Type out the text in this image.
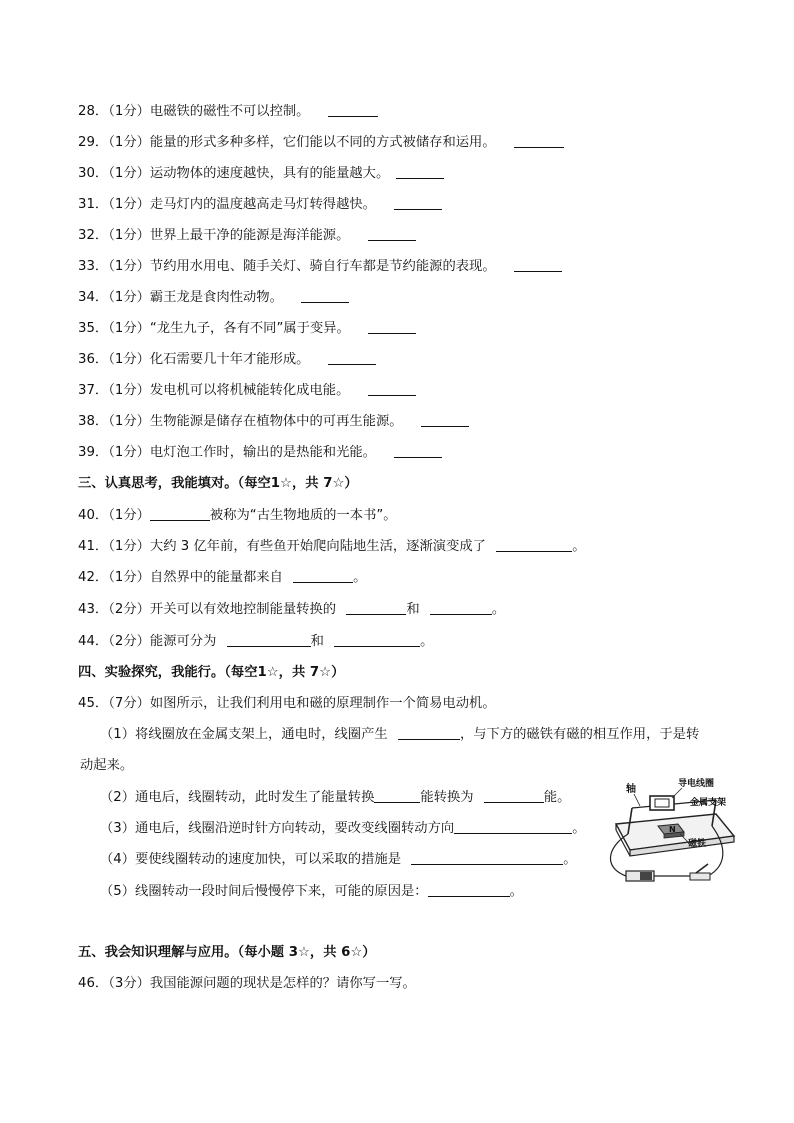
28．（1分）电磁铁的磁性不可以控制。
29．（1分）能量的形式多种多样，它们能以不同的方式被储存和运用。
30．（1分）运动物体的速度越快，具有的能量越大。
31．（1分）走马灯内的温度越高走马灯转得越快。
32．（1分）世界上最干净的能源是海洋能源。
33．（1分）节约用水用电、随手关灯、骑自行车都是节约能源的表现。
34．（1分）霸王龙是食肉性动物。
35．（1分）“龙生九子，各有不同”属于变异。
36．（1分）化石需要几十年才能形成。
37．（1分）发电机可以将机械能转化成电能。
38．（1分）生物能源是储存在植物体中的可再生能源。
39．（1分）电灯泡工作时，输出的是热能和光能。
三、认真思考，我能填对。（每空1☆，共 7☆）
40．（1分）	被称为“古生物地质的一本书”。
41．（1分）大约 3 亿年前，有些鱼开始爬向陆地生活，逐渐演变成了	。
42．（1分）自然界中的能量都来自	。
43．（2分）开关可以有效地控制能量转换的	和	。
44．（2分）能源可分为	和	。
四、实验探究，我能行。（每空1☆，共 7☆）
45．（7分）如图所示，让我们利用电和磁的原理制作一个简易电动机。
（1）将线圈放在金属支架上，通电时，线圈产生	，与下方的磁铁有磁的相互作用，于是转
动起来。
（2）通电后，线圈转动，此时发生了能量转换	能转换为	能。
（3）通电后，线圈沿逆时针方向转动，要改变线圈转动方向	。
（4）要使线圈转动的速度加快，可以采取的措施是	。
（5）线圈转动一段时间后慢慢停下来，可能的原因是：	。
N
轴	导电线圈
金属支架
磁铁
五、我会知识理解与应用。（每小题 3☆，共 6☆）
46．（3分）我国能源问题的现状是怎样的？请你写一写。
